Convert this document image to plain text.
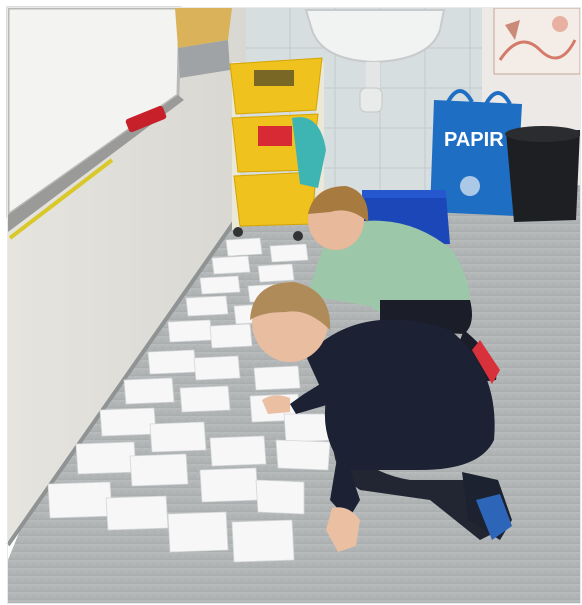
PAPIR
